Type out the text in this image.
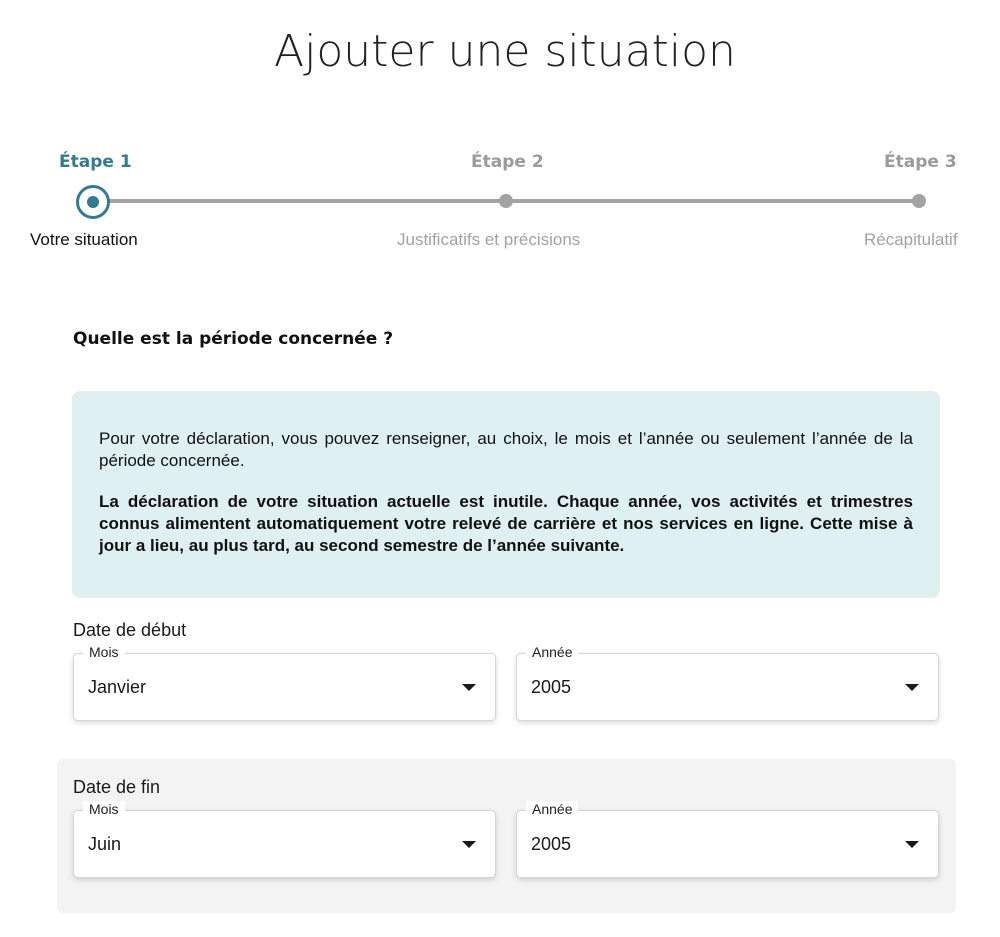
Ajouter une situation
Étape 1	Étape 2	Étape 3
Votre situation	Justificatifs et précisions	Récapitulatif
Quelle est la période concernée ?

Pour votre déclaration, vous pouvez renseigner, au choix, le mois et l’année ou seulement l’année de la période concernée.

La déclaration de votre situation actuelle est inutile. Chaque année, vos activités et trimestres connus alimentent automatiquement votre relevé de carrière et nos services en ligne. Cette mise à jour a lieu, au plus tard, au second semestre de l’année suivante.

Date de début
Mois
Janvier
Année
2005
Date de fin
Mois
Juin
Année
2005
